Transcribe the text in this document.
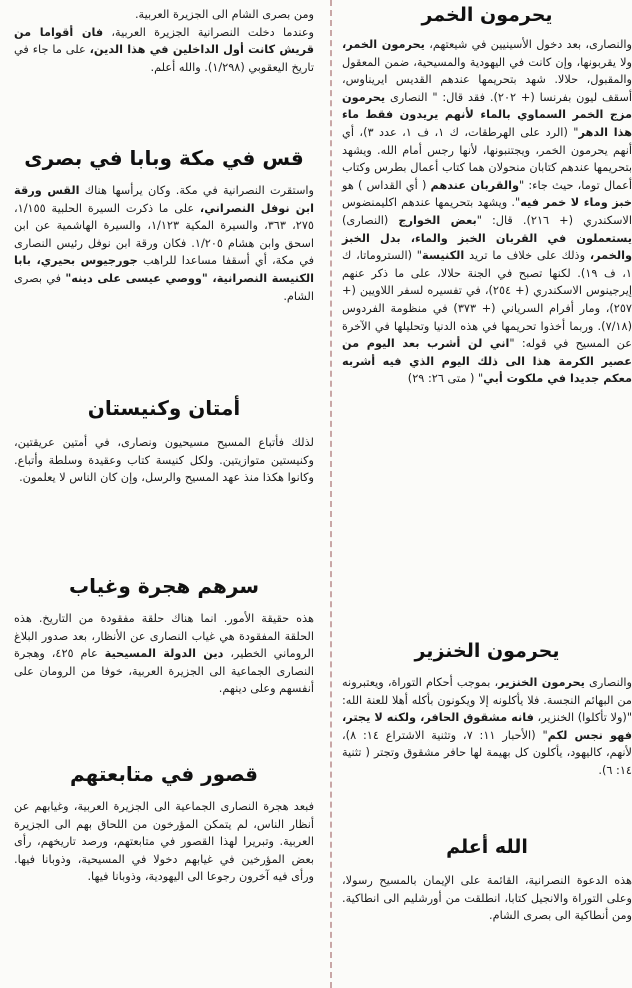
ومن بصرى الشام الى الجزيرة العربية.

وعندما دخلت النصرانية الجزيرة العربية، فان أقواما من قريش كانت أول الداخلين في هذا الدين، على ما جاء في تاريخ اليعقوبي (١/٢٩٨). والله أعلم.

قس في مكة وبابا في بصرى

واستقرت النصرانية في مكة. وكان يرأسها هناك القس ورقة ابن نوفل النصراني، على ما ذكرت السيرة الحلبية ١/١٥٥، ٢٧٥، ٣٦٣، والسيرة المكية ١/١٢٣، والسيرة الهاشمية عن ابن اسحق وابن هشام ١/٢٠٥. فكان ورقة ابن نوفل رئيس النصارى في مكة، أي أسقفا مساعدا للراهب جورجيوس بحيري، بابا الكنيسة النصرانية، "ووصي عيسى على دينه" في بصرى الشام.

أمتان وكنيستان

لذلك فأتباع المسيح مسيحيون ونصارى، في أمتين عريقتين، وكنيستين متوازيتين. ولكل كنيسة كتاب وعقيدة وسلطة وأتباع. وكانوا هكذا منذ عهد المسيح والرسل، وإن كان الناس لا يعلمون.

سرهم هجرة وغياب

هذه حقيقة الأمور. انما هناك حلقة مفقودة من التاريخ. هذه الحلقة المفقودة هي غياب النصارى عن الأنظار، بعد صدور البلاغ الروماني الخطير، دين الدولة المسيحية عام ٤٢٥، وهجرة النصارى الجماعية الى الجزيرة العربية، خوفا من الرومان على أنفسهم وعلى دينهم.

قصور في متابعتهم

فبعد هجرة النصارى الجماعية الى الجزيرة العربية، وغيابهم عن أنظار الناس، لم يتمكن المؤرخون من اللحاق بهم الى الجزيرة العربية. وتبريرا لهذا القصور في متابعتهم، ورصد تاريخهم، رأى بعض المؤرخين في غيابهم دخولا في المسيحية، وذوبانا فيها. ورأى فيه آخرون رجوعا الى اليهودية، وذوبانا فيها.

يحرمون الخمر

والنصارى، بعد دخول الأسينيين في شيعتهم، يحرمون الخمر، ولا يقربونها، وإن كانت في اليهودية والمسيحية، ضمن المعقول والمقبول، حلالا. شهد بتحريمها عندهم القديس ايريناوس، أسقف ليون بفرنسا (+ ٢٠٢). فقد قال: " النصارى يحرمون مزج الخمر السماوي بالماء لأنهم يريدون فقط ماء هذا الدهر" (الرد على الهرطقات، ك ١، ف ١، عدد ٣)، أي أنهم يحرمون الخمر، ويجتنبونها، لأنها رجس أمام الله. ويشهد بتحريمها عندهم كتابان منحولان هما كتاب أعمال بطرس وكتاب أعمال توما، حيث جاء: "والقربان عندهم ( أي القداس ) هو خبز وماء لا خمر فيه". ويشهد بتحريمها عندهم اكليمنضوس الاسكندري (+ ٢١٦). قال: "بعض الخوارج (النصارى) يستعملون في القربان الخبز والماء، بدل الخبز والخمر، وذلك على خلاف ما تريد الكنيسة" (الستروماتا، ك ١، ف ١٩). لكنها تصبح في الجنة حلالا، على ما ذكر عنهم إيرجينوس الاسكندري (+ ٢٥٤)، في تفسيره لسفر اللاويين (+ ٢٥٧)، ومار أفرام السرياني (+ ٣٧٣) في منظومة الفردوس (٧/١٨). وربما أخذوا تحريمها في هذه الدنيا وتحليلها في الآخرة عن المسيح في قوله: "اني لن أشرب بعد اليوم من عصير الكرمة هذا الى ذلك اليوم الذي فيه أشربه معكم جديدا في ملكوت أبي" ( متى ٢٦: ٢٩)

يحرمون الخنزير

والنصارى يحرمون الخنزير، بموجب أحكام التوراة، ويعتبرونه من البهائم النجسة. فلا يأكلونه إلا ويكونون بأكله أهلا للعنة الله: "(ولا تأكلوا) الخنزير، فانه مشقوق الحافر، ولكنه لا يجتر، فهو نجس لكم" (الأحبار ١١: ٧، وتثنية الاشتراع ١٤: ٨)، لأنهم، كاليهود، يأكلون كل بهيمة لها حافر مشقوق وتجتر ( تثنية ١٤: ٦).

الله أعلم

هذه الدعوة النصرانية، القائمة على الإيمان بالمسيح رسولا، وعلى التوراة والانجيل كتابا، انطلقت من أورشليم الى انطاكية. ومن أنطاكية الى بصرى الشام.
